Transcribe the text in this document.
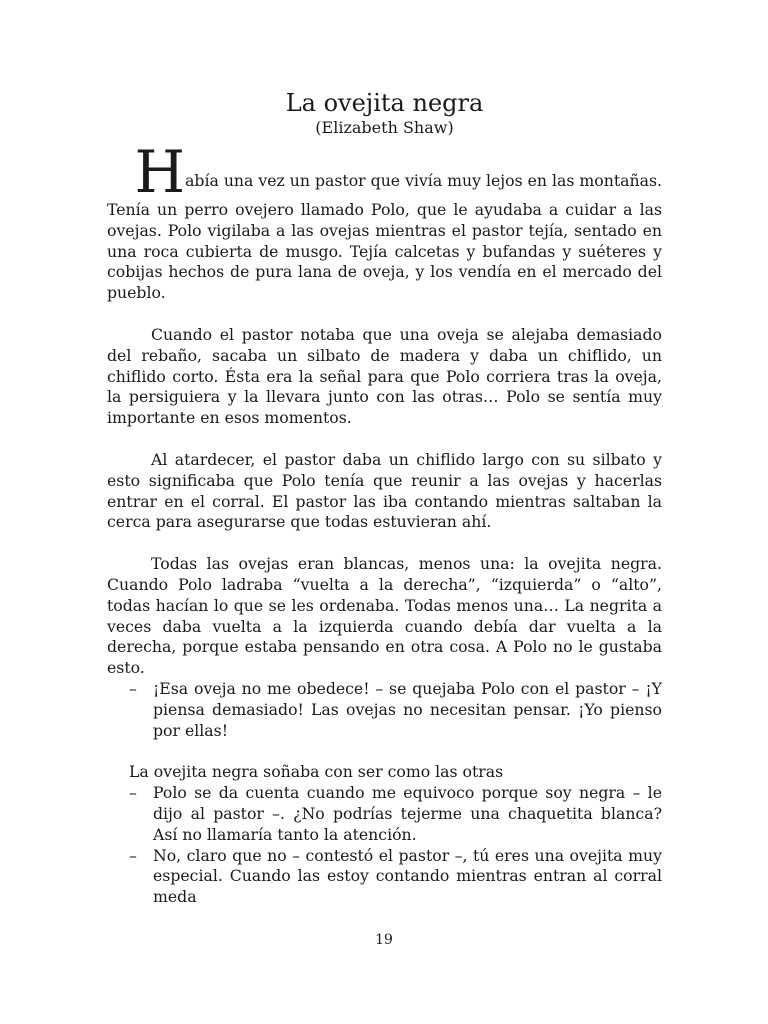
La ovejita negra
(Elizabeth Shaw)
Había una vez un pastor que vivía muy lejos en las montañas.

Tenía un perro ovejero llamado Polo, que le ayudaba a cuidar a las ovejas. Polo vigilaba a las ovejas mientras el pastor tejía, sentado en una roca cubierta de musgo. Tejía calcetas y bufandas y suéteres y cobijas hechos de pura lana de oveja, y los vendía en el mercado del pueblo.

Cuando el pastor notaba que una oveja se alejaba demasiado del rebaño, sacaba un silbato de madera y daba un chiflido, un chiflido corto. Ésta era la señal para que Polo corriera tras la oveja, la persiguiera y la llevara junto con las otras… Polo se sentía muy importante en esos momentos.

Al atardecer, el pastor daba un chiflido largo con su silbato y esto significaba que Polo tenía que reunir a las ovejas y hacerlas entrar en el corral. El pastor las iba contando mientras saltaban la cerca para asegurarse que todas estuvieran ahí.

Todas las ovejas eran blancas, menos una: la ovejita negra. Cuando Polo ladraba “vuelta a la derecha”, “izquierda” o “alto”, todas hacían lo que se les ordenaba. Todas menos una… La negrita a veces daba vuelta a la izquierda cuando debía dar vuelta a la derecha, porque estaba pensando en otra cosa. A Polo no le gustaba esto.

– ¡Esa oveja no me obedece! – se quejaba Polo con el pastor – ¡Y piensa demasiado! Las ovejas no necesitan pensar. ¡Yo pienso por ellas!

La ovejita negra soñaba con ser como las otras

– Polo se da cuenta cuando me equivoco porque soy negra – le dijo al pastor –. ¿No podrías tejerme una chaquetita blanca? Así no llamaría tanto la atención.
– No, claro que no – contestó el pastor –, tú eres una ovejita muy especial. Cuando las estoy contando mientras entran al corral meda
19
